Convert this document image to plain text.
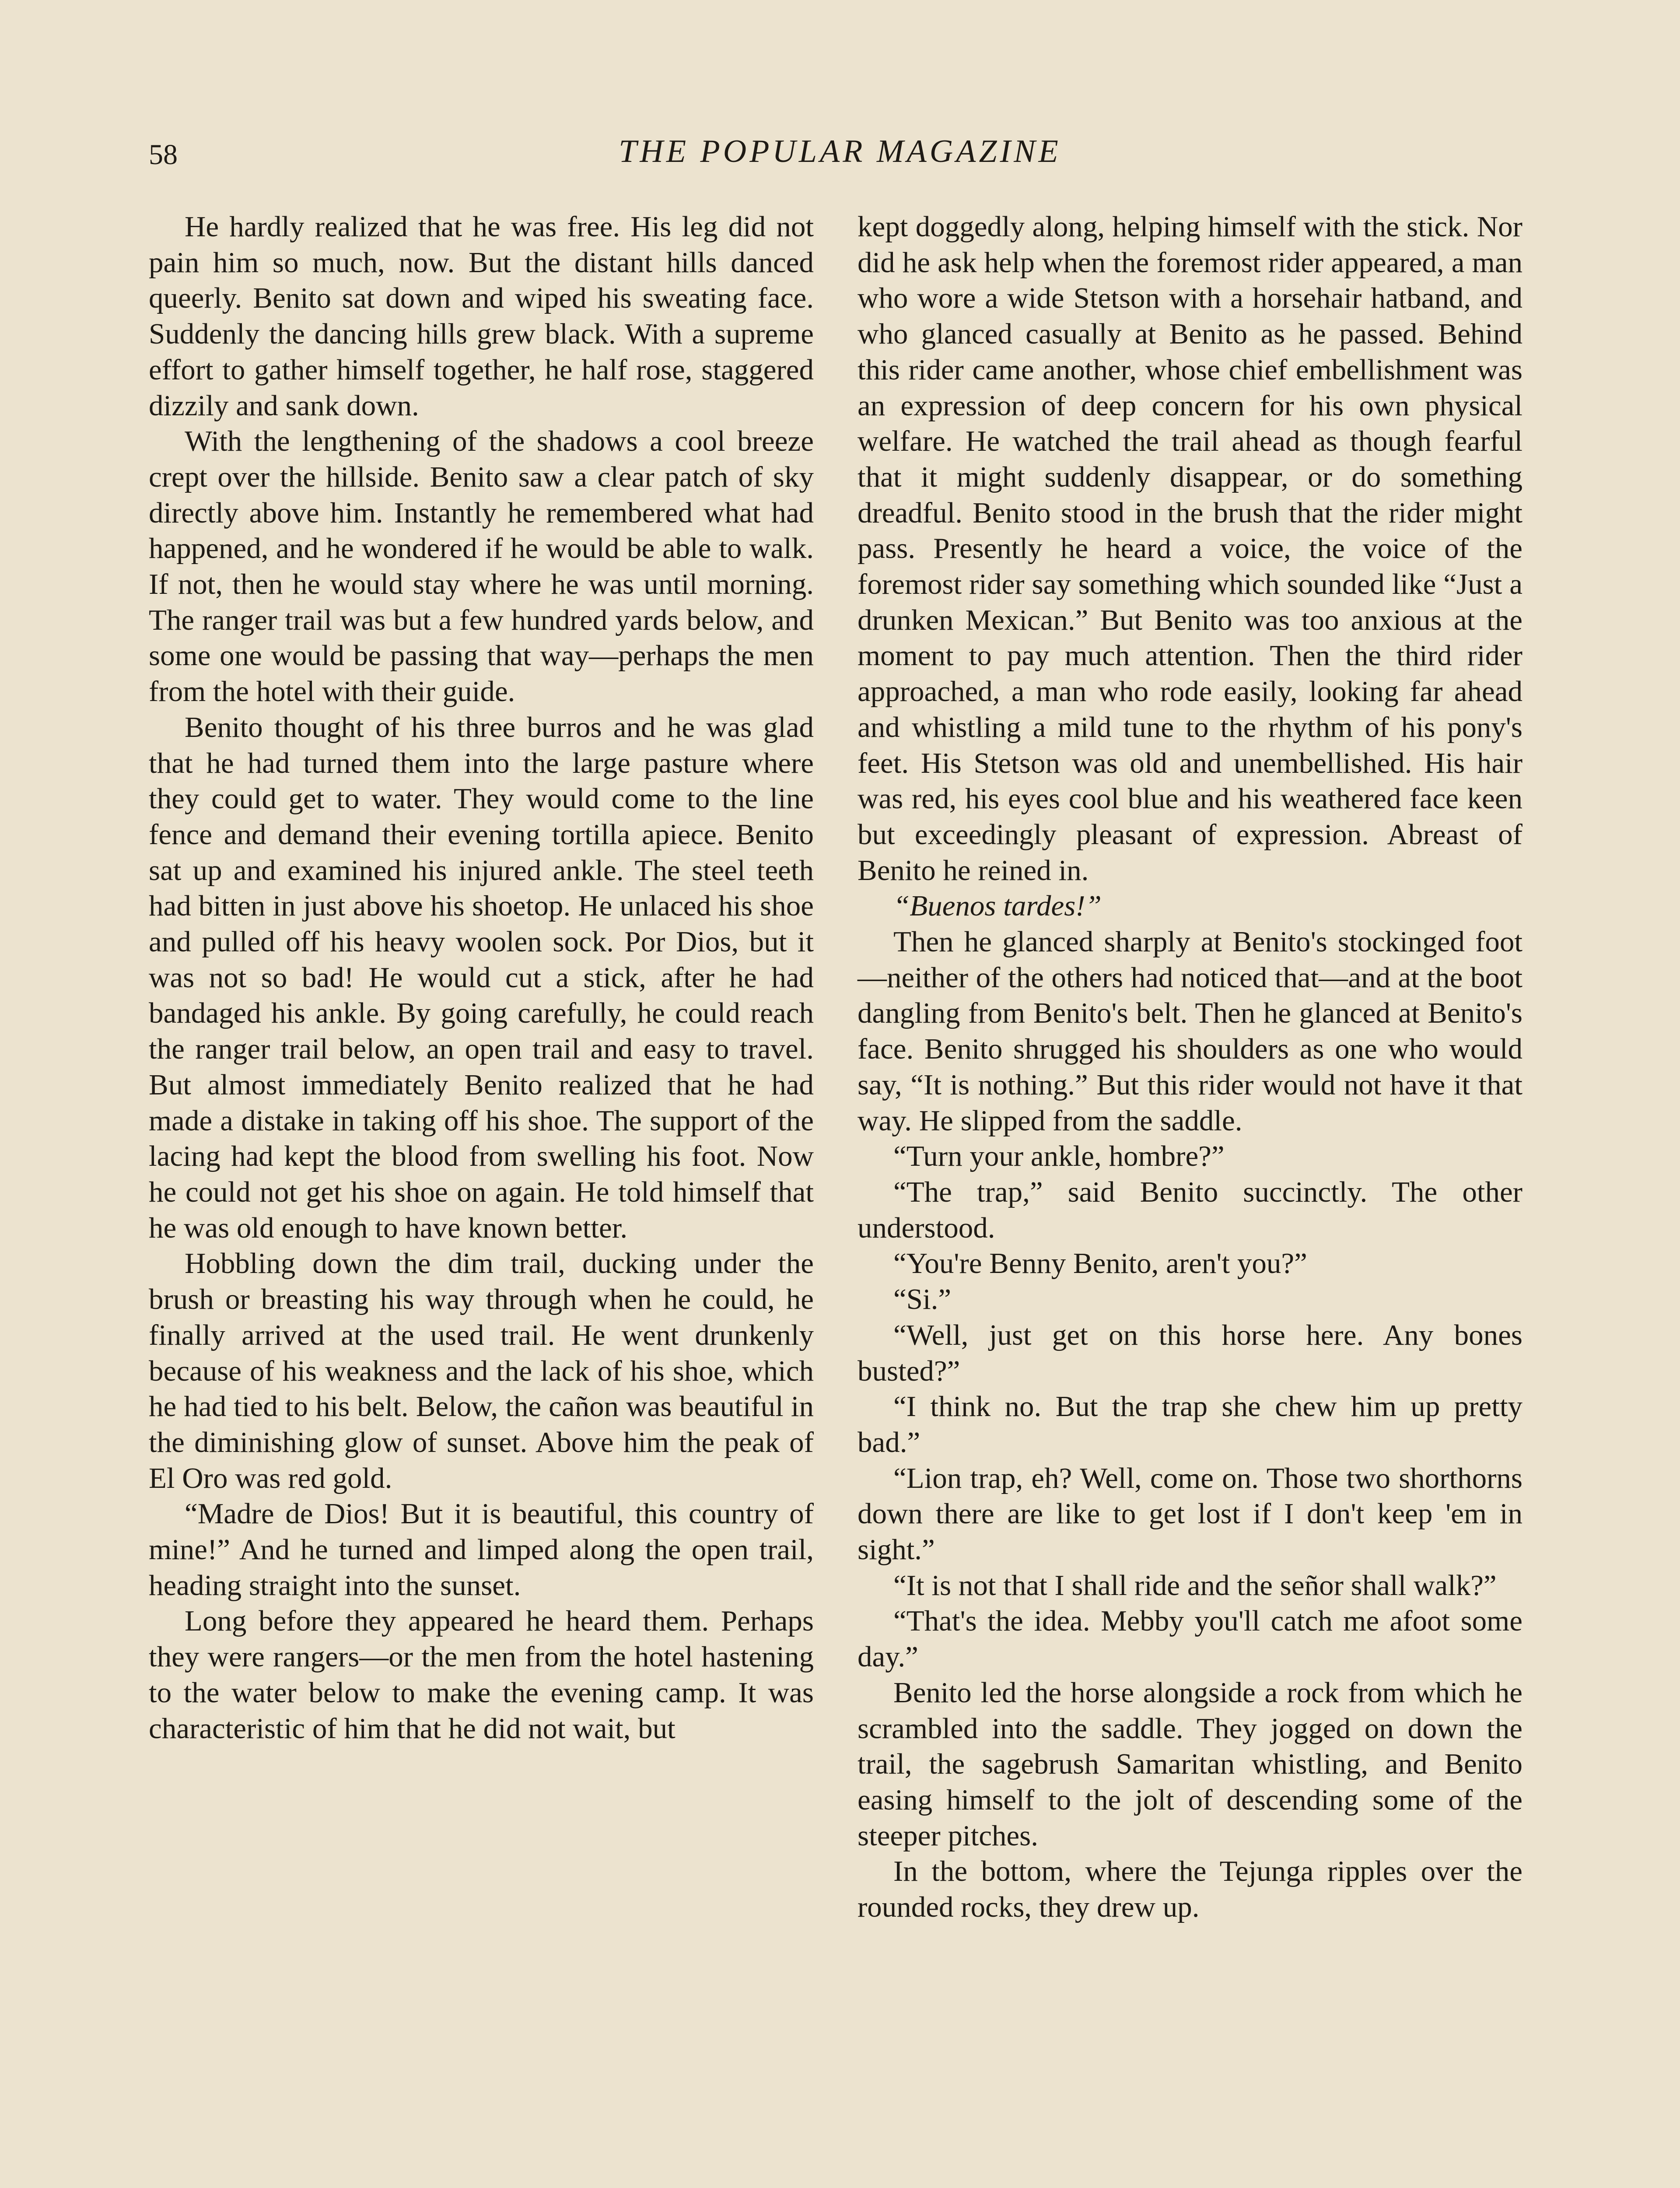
58	THE POPULAR MAGAZINE

He hardly realized that he was free. His leg did not pain him so much, now. But the distant hills danced queerly. Benito sat down and wiped his sweating face. Suddenly the dancing hills grew black. With a supreme effort to gather himself together, he half rose, staggered dizzily and sank down.

With the lengthening of the shadows a cool breeze crept over the hillside. Benito saw a clear patch of sky directly above him. Instantly he remembered what had happened, and he wondered if he would be able to walk. If not, then he would stay where he was until morning. The ranger trail was but a few hundred yards below, and some one would be passing that way—perhaps the men from the hotel with their guide.

Benito thought of his three burros and he was glad that he had turned them into the large pasture where they could get to water. They would come to the line fence and demand their evening tortilla apiece. Benito sat up and examined his injured ankle. The steel teeth had bitten in just above his shoetop. He unlaced his shoe and pulled off his heavy woolen sock. Por Dios, but it was not so bad! He would cut a stick, after he had bandaged his ankle. By going carefully, he could reach the ranger trail below, an open trail and easy to travel. But almost immediately Benito realized that he had made a distake in taking off his shoe. The support of the lacing had kept the blood from swelling his foot. Now he could not get his shoe on again. He told himself that he was old enough to have known better.

Hobbling down the dim trail, ducking under the brush or breasting his way through when he could, he finally arrived at the used trail. He went drunkenly because of his weakness and the lack of his shoe, which he had tied to his belt. Below, the cañon was beautiful in the diminishing glow of sunset. Above him the peak of El Oro was red gold.

“Madre de Dios! But it is beautiful, this country of mine!” And he turned and limped along the open trail, heading straight into the sunset.

Long before they appeared he heard them. Perhaps they were rangers—or the men from the hotel hastening to the water below to make the evening camp. It was characteristic of him that he did not wait, but

kept doggedly along, helping himself with the stick. Nor did he ask help when the foremost rider appeared, a man who wore a wide Stetson with a horsehair hatband, and who glanced casually at Benito as he passed. Behind this rider came another, whose chief embellishment was an expression of deep concern for his own physical welfare. He watched the trail ahead as though fearful that it might suddenly disappear, or do something dreadful. Benito stood in the brush that the rider might pass. Presently he heard a voice, the voice of the foremost rider say something which sounded like “Just a drunken Mexican.” But Benito was too anxious at the moment to pay much attention. Then the third rider approached, a man who rode easily, looking far ahead and whistling a mild tune to the rhythm of his pony's feet. His Stetson was old and unembellished. His hair was red, his eyes cool blue and his weathered face keen but exceedingly pleasant of expression. Abreast of Benito he reined in.

“Buenos tardes!”

Then he glanced sharply at Benito's stockinged foot—neither of the others had noticed that—and at the boot dangling from Benito's belt. Then he glanced at Benito's face. Benito shrugged his shoulders as one who would say, “It is nothing.” But this rider would not have it that way. He slipped from the saddle.

“Turn your ankle, hombre?”

“The trap,” said Benito succinctly. The other understood.

“You're Benny Benito, aren't you?”

“Si.”

“Well, just get on this horse here. Any bones busted?”

“I think no. But the trap she chew him up pretty bad.”

“Lion trap, eh? Well, come on. Those two shorthorns down there are like to get lost if I don't keep 'em in sight.”

“It is not that I shall ride and the señor shall walk?”

“That's the idea. Mebby you'll catch me afoot some day.”

Benito led the horse alongside a rock from which he scrambled into the saddle. They jogged on down the trail, the sagebrush Samaritan whistling, and Benito easing himself to the jolt of descending some of the steeper pitches.

In the bottom, where the Tejunga ripples over the rounded rocks, they drew up.
